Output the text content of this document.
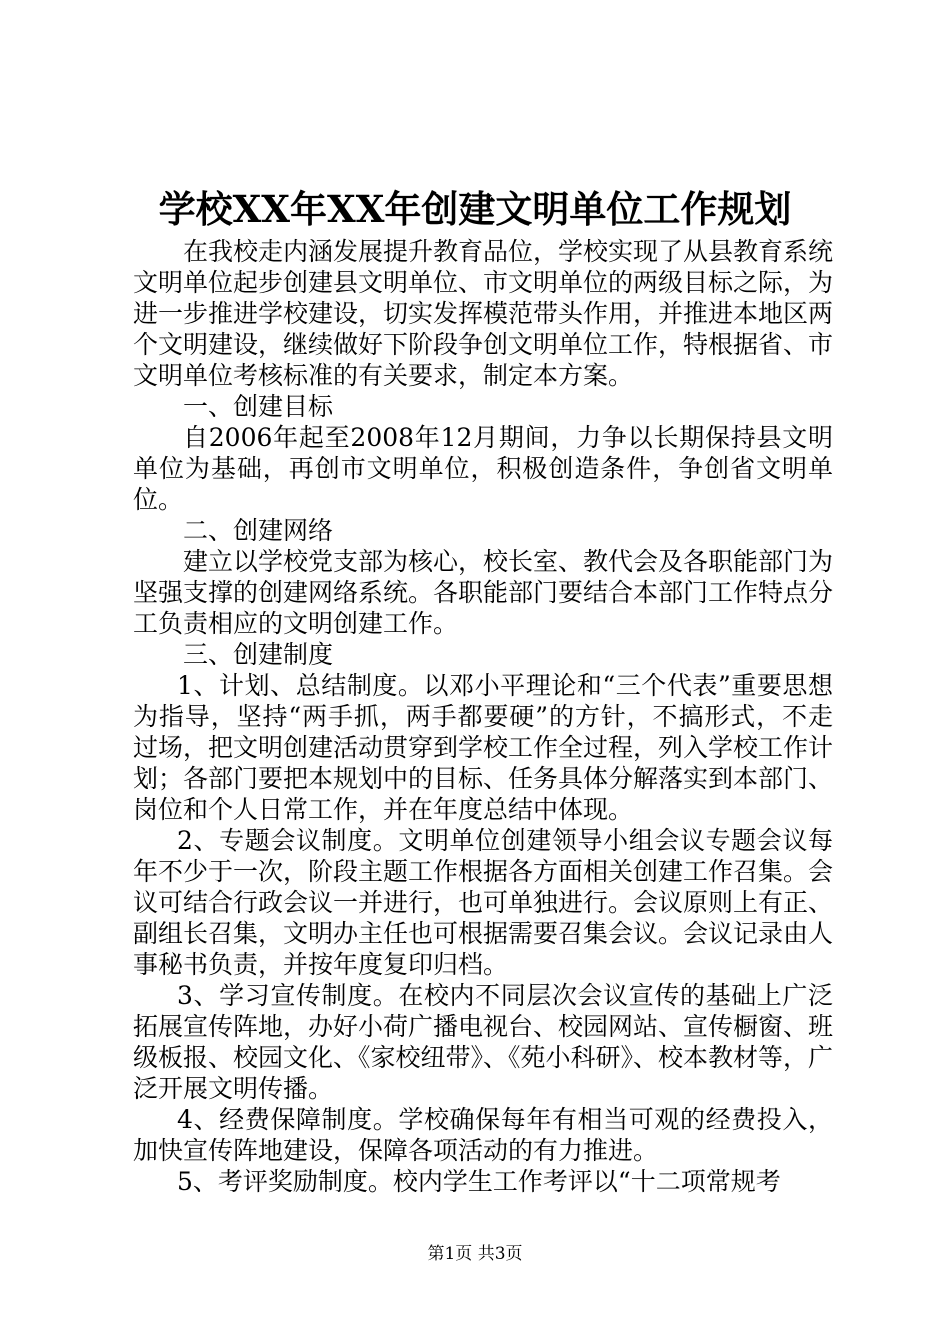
学校XX年XX年创建文明单位工作规划

在我校走内涵发展提升教育品位，学校实现了从县教育系统文明单位起步创建县文明单位、市文明单位的两级目标之际，为进一步推进学校建设，切实发挥模范带头作用，并推进本地区两个文明建设，继续做好下阶段争创文明单位工作，特根据省、市文明单位考核标准的有关要求，制定本方案。

一、创建目标

自2006年起至2008年12月期间，力争以长期保持县文明单位为基础，再创市文明单位，积极创造条件，争创省文明单位。

二、创建网络

建立以学校党支部为核心，校长室、教代会及各职能部门为坚强支撑的创建网络系统。各职能部门要结合本部门工作特点分工负责相应的文明创建工作。

三、创建制度

1、计划、总结制度。以邓小平理论和“三个代表”重要思想为指导，坚持“两手抓，两手都要硬”的方针，不搞形式，不走过场，把文明创建活动贯穿到学校工作全过程，列入学校工作计划；各部门要把本规划中的目标、任务具体分解落实到本部门、岗位和个人日常工作，并在年度总结中体现。

2、专题会议制度。文明单位创建领导小组会议专题会议每年不少于一次，阶段主题工作根据各方面相关创建工作召集。会议可结合行政会议一并进行，也可单独进行。会议原则上有正、副组长召集，文明办主任也可根据需要召集会议。会议记录由人事秘书负责，并按年度复印归档。

3、学习宣传制度。在校内不同层次会议宣传的基础上广泛拓展宣传阵地，办好小荷广播电视台、校园网站、宣传橱窗、班级板报、校园文化、《家校纽带》、《苑小科研》、校本教材等，广泛开展文明传播。

4、经费保障制度。学校确保每年有相当可观的经费投入，加快宣传阵地建设，保障各项活动的有力推进。

5、考评奖励制度。校内学生工作考评以“十二项常规考

第1页 共3页
